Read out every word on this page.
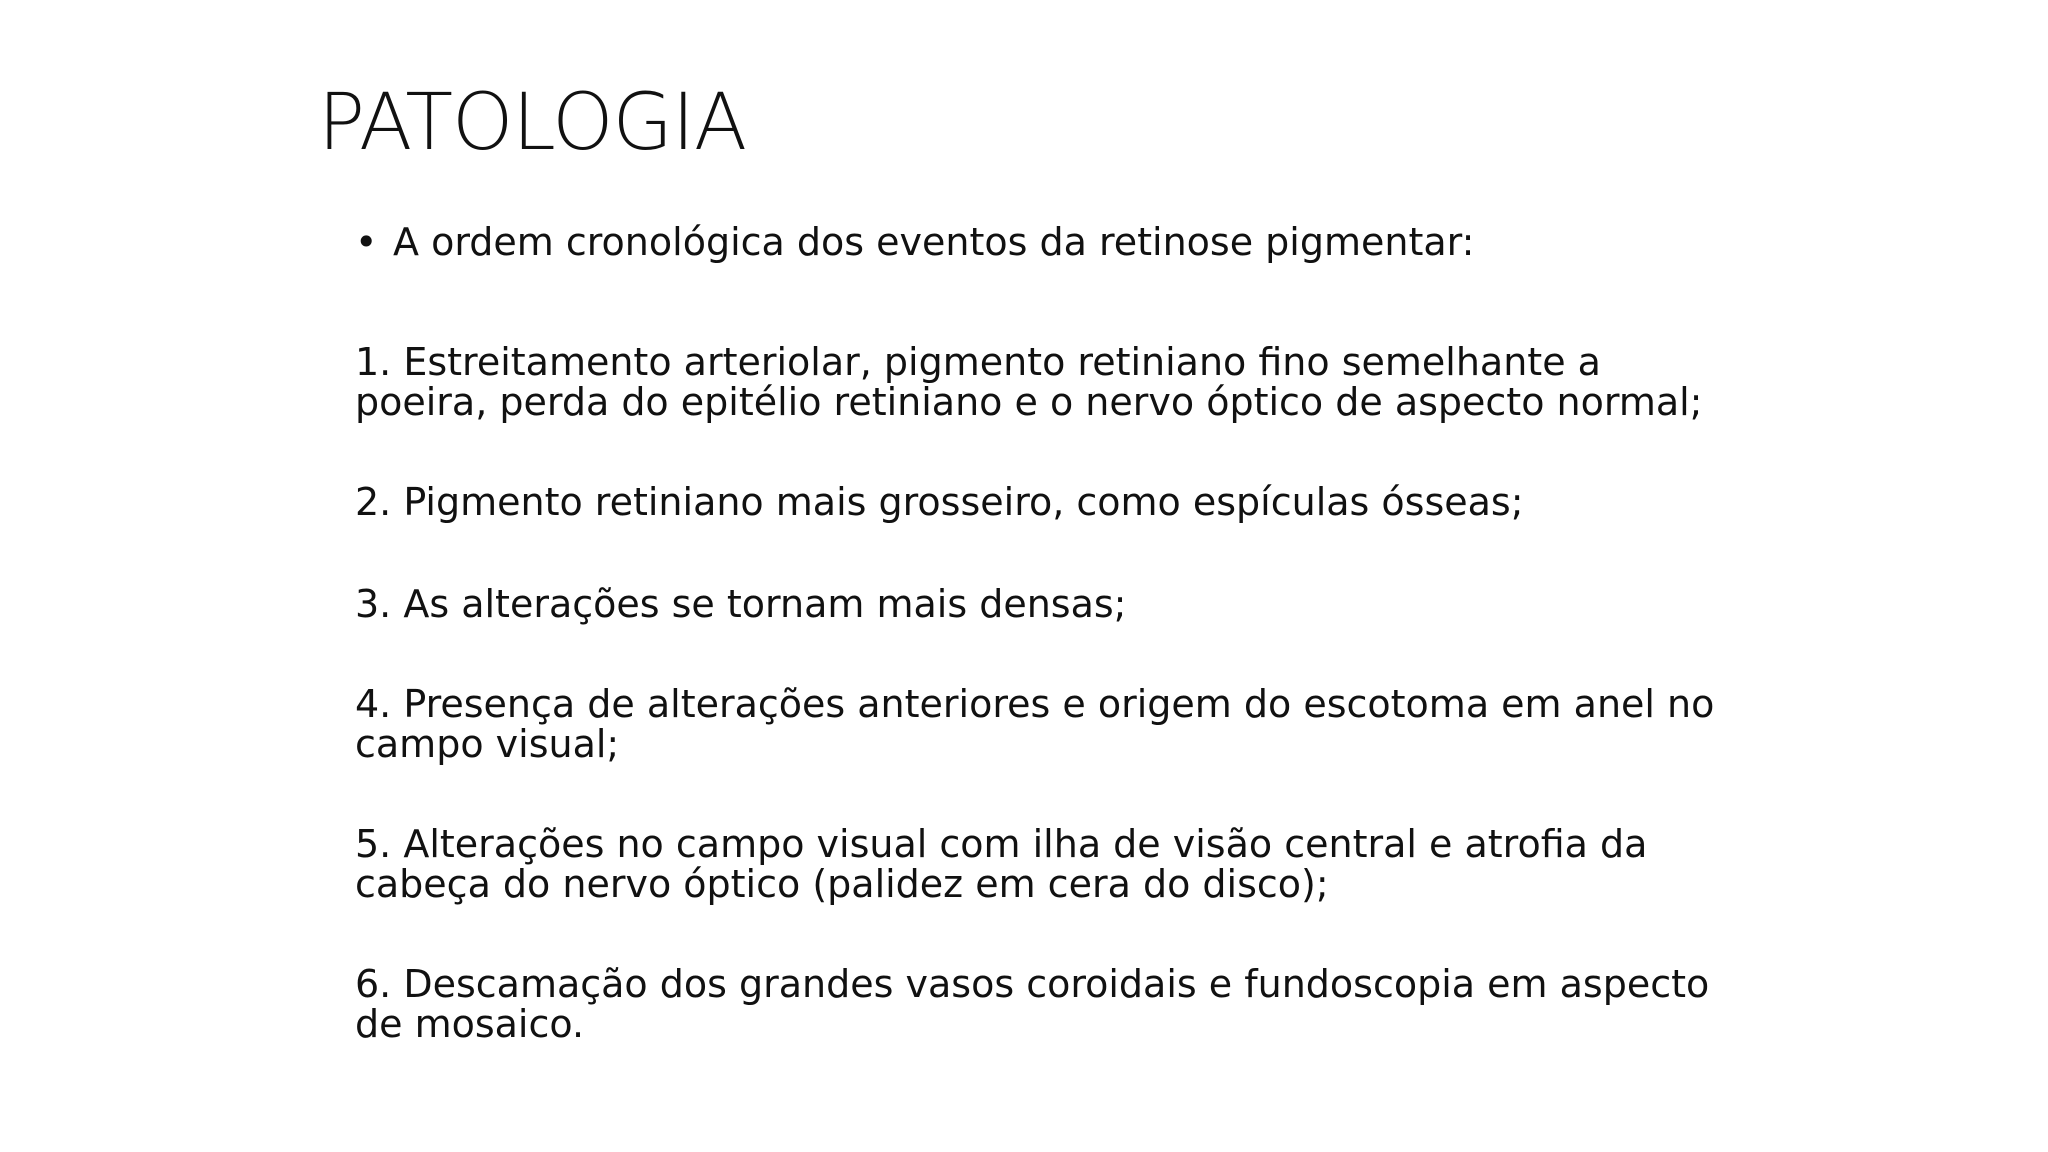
PATOLOGIA
• A ordem cronológica dos eventos da retinose pigmentar:
1. Estreitamento arteriolar, pigmento retiniano fino semelhante a
poeira, perda do epitélio retiniano e o nervo óptico de aspecto normal;
2. Pigmento retiniano mais grosseiro, como espículas ósseas;
3. As alterações se tornam mais densas;
4. Presença de alterações anteriores e origem do escotoma em anel no
campo visual;
5. Alterações no campo visual com ilha de visão central e atrofia da
cabeça do nervo óptico (palidez em cera do disco);
6. Descamação dos grandes vasos coroidais e fundoscopia em aspecto
de mosaico.
